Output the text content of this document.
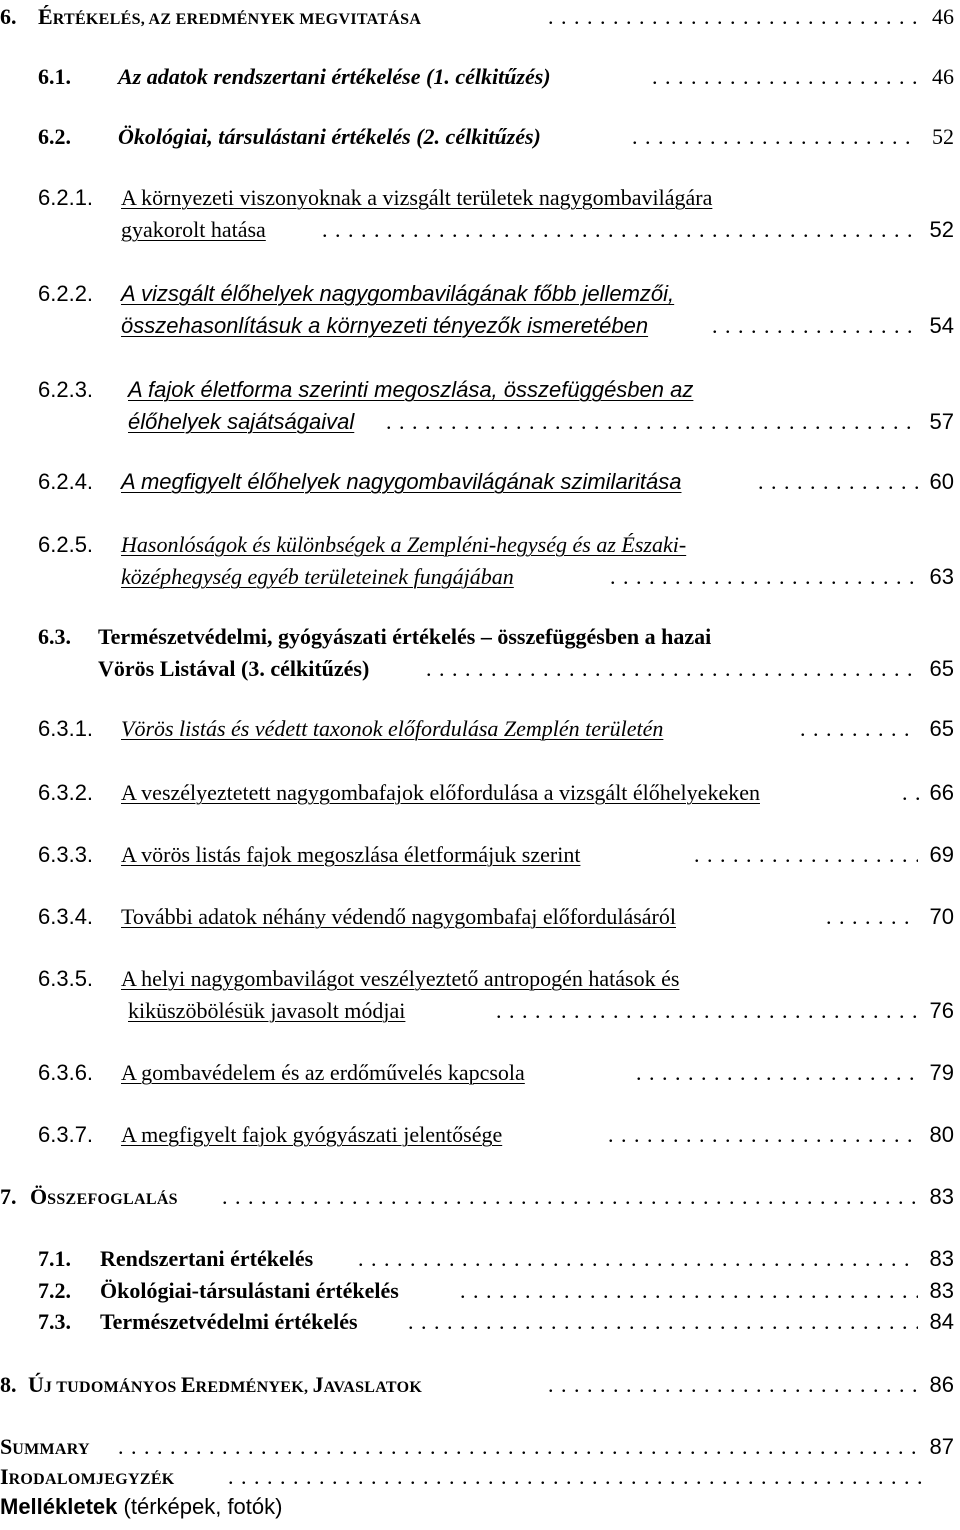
6. ÉRTÉKELÉS, AZ EREDMÉNYEK MEGVITATÁSA . . .	46
6.1. Az adatok rendszertani értékelése (1. célkitűzés) . . .	46
6.2. Ökológiai, társulástani értékelés (2. célkitűzés) . . .	52
6.2.1. A környezeti viszonyoknak a vizsgált területek nagygombavilágára
gyakorolt hatása . . .	52
6.2.2. A vizsgált élőhelyek nagygombavilágának főbb jellemzői,
összehasonlításuk a környezeti tényezők ismeretében . . .	54
6.2.3. A fajok életforma szerinti megoszlása, összefüggésben az
élőhelyek sajátságaival . . .	57
6.2.4. A megfigyelt élőhelyek nagygombavilágának szimilaritása . . .	60
6.2.5. Hasonlóságok és különbségek a Zempléni-hegység és az Északi-
középhegység egyéb területeinek fungájában . . .	63
6.3. Természetvédelmi, gyógyászati értékelés – összefüggésben a hazai
Vörös Listával (3. célkitűzés) . . .	65
6.3.1. Vörös listás és védett taxonok előfordulása Zemplén területén . . .	65
6.3.2. A veszélyeztetett nagygombafajok előfordulása a vizsgált élőhelyekeken . . .	66
6.3.3. A vörös listás fajok megoszlása életformájuk szerint . . .	69
6.3.4. További adatok néhány védendő nagygombafaj előfordulásáról . . .	70
6.3.5. A helyi nagygombavilágot veszélyeztető antropogén hatások és
kiküszöbölésük javasolt módjai . . .	76
6.3.6. A gombavédelem és az erdőművelés kapcsola . . .	79
6.3.7. A megfigyelt fajok gyógyászati jelentősége . . .	80
7. ÖSSZEFOGLALÁS . . .	83
7.1. Rendszertani értékelés . . .	83
7.2. Ökológiai-társulástani értékelés . . .	83
7.3. Természetvédelmi értékelés . . .	84
8. ÚJ TUDOMÁNYOS EREDMÉNYEK, JAVASLATOK . . .	86
SUMMARY . . .	87
IRODALOMJEGYZÉK
. . .
Mellékletek (térképek, fotók)
